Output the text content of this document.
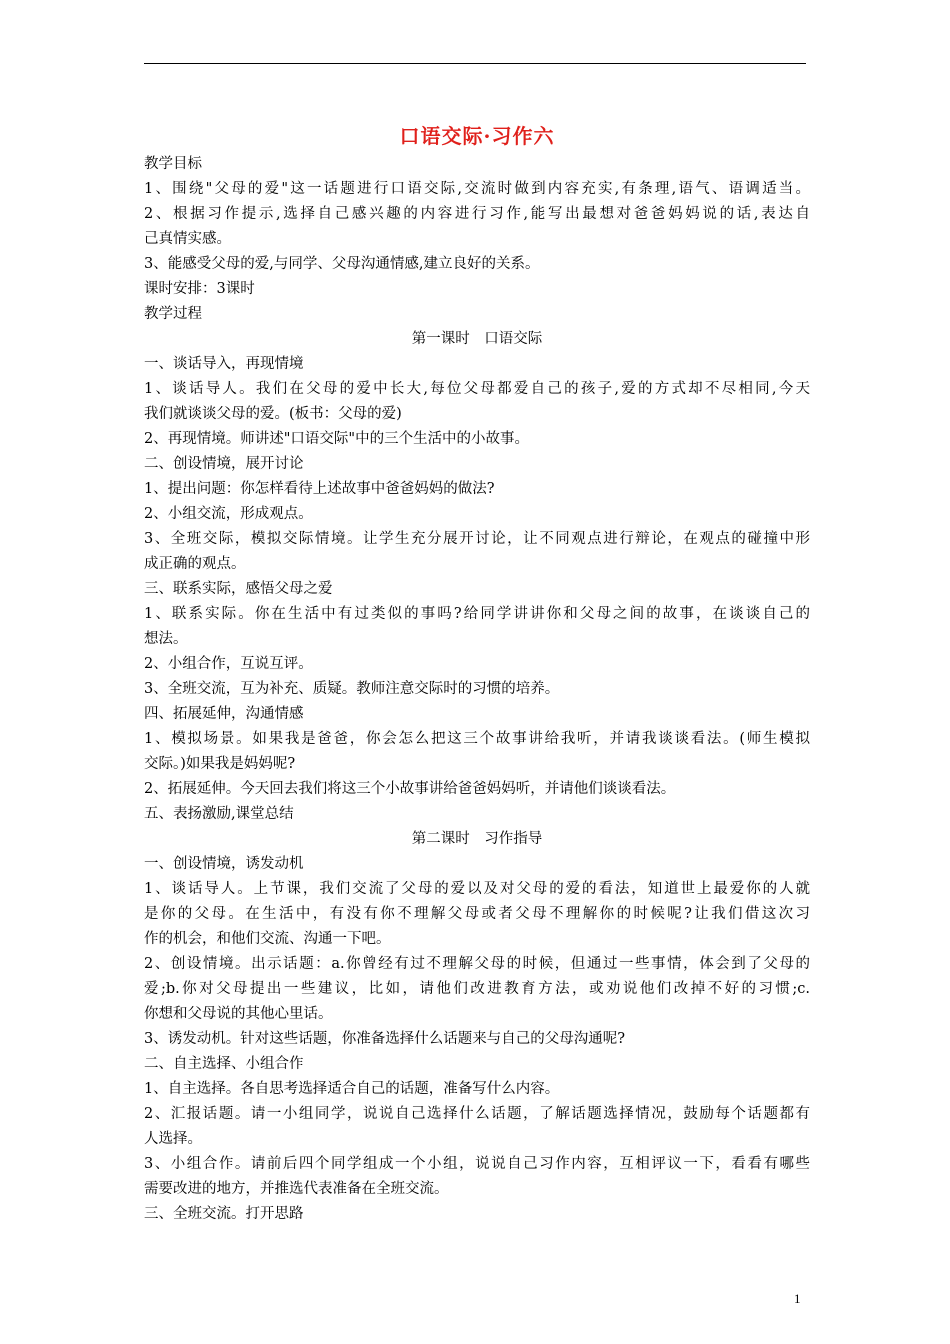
口语交际·习作六

教学目标

1、围绕"父母的爱"这一话题进行口语交际,交流时做到内容充实,有条理,语气、语调适当。

2、根据习作提示,选择自己感兴趣的内容进行习作,能写出最想对爸爸妈妈说的话,表达自

己真情实感。

3、能感受父母的爱,与同学、父母沟通情感,建立良好的关系。

课时安排：3课时

教学过程

第一课时　口语交际

一、谈话导入，再现情境

1、谈话导人。我们在父母的爱中长大,每位父母都爱自己的孩子,爱的方式却不尽相同,今天

我们就谈谈父母的爱。(板书：父母的爱)

2、再现情境。师讲述"口语交际"中的三个生活中的小故事。

二、创设情境，展开讨论

1、提出问题：你怎样看待上述故事中爸爸妈妈的做法?

2、小组交流，形成观点。

3、全班交际，模拟交际情境。让学生充分展开讨论，让不同观点进行辩论，在观点的碰撞中形

成正确的观点。

三、联系实际，感悟父母之爱

1、联系实际。你在生活中有过类似的事吗?给同学讲讲你和父母之间的故事，在谈谈自己的

想法。

2、小组合作，互说互评。

3、全班交流，互为补充、质疑。教师注意交际时的习惯的培养。

四、拓展延伸，沟通情感

1、模拟场景。如果我是爸爸，你会怎么把这三个故事讲给我听，并请我谈谈看法。(师生模拟

交际。)如果我是妈妈呢?

2、拓展延伸。今天回去我们将这三个小故事讲给爸爸妈妈听，并请他们谈谈看法。

五、表扬激励,课堂总结

第二课时　习作指导

一、创设情境，诱发动机

1、谈话导人。上节课，我们交流了父母的爱以及对父母的爱的看法，知道世上最爱你的人就

是你的父母。在生活中，有没有你不理解父母或者父母不理解你的时候呢?让我们借这次习

作的机会，和他们交流、沟通一下吧。

2、创设情境。出示话题：a.你曾经有过不理解父母的时候，但通过一些事情，体会到了父母的

爱;b.你对父母提出一些建议，比如，请他们改进教育方法，或劝说他们改掉不好的习惯;c.

你想和父母说的其他心里话。

3、诱发动机。针对这些话题，你准备选择什么话题来与自己的父母沟通呢?

二、自主选择、小组合作

1、自主选择。各自思考选择适合自己的话题，准备写什么内容。

2、汇报话题。请一小组同学，说说自己选择什么话题，了解话题选择情况，鼓励每个话题都有

人选择。

3、小组合作。请前后四个同学组成一个小组，说说自己习作内容，互相评议一下，看看有哪些

需要改进的地方，并推选代表准备在全班交流。

三、全班交流。打开思路

1
